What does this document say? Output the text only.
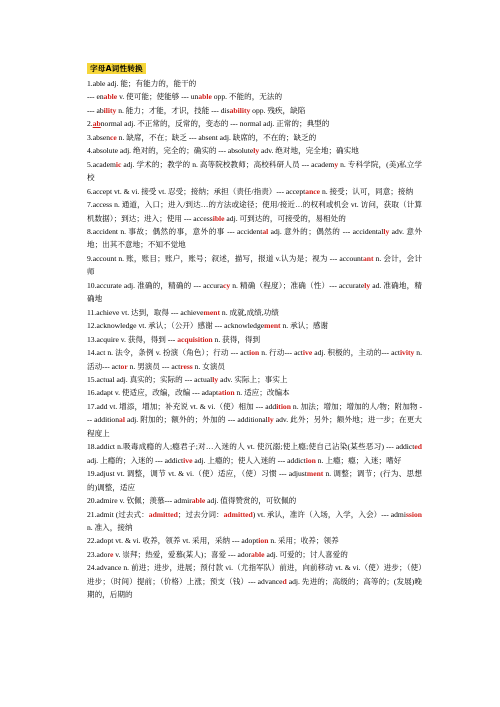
字母A词性转换

1.able adj. 能；有能力的，能干的

--- enable v. 使可能；使能够 --- unable opp. 不能的，无法的

--- ability n. 能力；才能，才识，技能 --- disability opp. 残疾，缺陷

2.abnormal adj. 不正常的，反常的，变态的 --- normal adj. 正常的；典型的

3.absence n. 缺席，不在；缺乏 --- absent adj. 缺席的，不在的；缺乏的

4.absolute adj. 绝对的，完全的；确实的 --- absolutely adv. 绝对地，完全地；确实地

5.academic adj. 学术的；教学的 n. 高等院校教师；高校科研人员 --- academy n. 专科学院，(美)私立学校

6.accept vt. & vi. 接受 vt. 忍受；接纳；承担（责任/指责）--- acceptance n. 接受；认可，同意；接纳

7.access n. 通道，入口；进入/到达…的方法或途径；使用/接近…的权利或机会 vt. 访问，获取（计算机数据）；到达；进入；使用 --- accessible adj. 可到达的，可接受的，易相处的

8.accident n. 事故；偶然的事，意外的事 --- accidental adj. 意外的；偶然的 --- accidentally adv. 意外地；出其不意地；不知不觉地

9.account n. 账，账目；账户，账号；叙述，描写，报道 v.认为是；视为 --- accountant n. 会计，会计师

10.accurate adj. 准确的，精确的 --- accuracy n. 精确（程度）；准确（性）--- accurately ad. 准确地，精确地

11.achieve vt. 达到，取得 --- achievement n. 成就,成绩,功绩

12.acknowledge vt. 承认；（公开）感谢 --- acknowledgement n. 承认；感谢

13.acquire v. 获得，得到 --- acquisition n. 获得，得到

14.act n. 法令，条例 v. 扮演（角色）；行动 --- action n. 行动--- active adj. 积极的，主动的--- activity n. 活动--- actor n. 男演员 --- actress n. 女演员

15.actual adj. 真实的；实际的 --- actually adv. 实际上；事实上

16.adapt v. 使适应，改编，改编 --- adaptation n. 适应；改编本

17.add vt. 增添，增加；补充说 vt. & vi.（使）相加 --- addition n. 加法；增加；增加的人/物；附加物 --- additional adj. 附加的；额外的；外加的 --- additionally adv. 此外；另外；额外地；进一步；在更大程度上

18.addict n.吸毒成瘾的人;瘾君子;对…入迷的人 vt. 使沉溺;使上瘾;使自己沾染(某些恶习) --- addicted adj. 上瘾的；入迷的 --- addictive adj. 上瘾的；使人入迷的 --- addiction n. 上瘾；瘾；入迷；嗜好

19.adjust vt. 调整，调节 vt. & vi.（使）适应，（使）习惯 --- adjustment n. 调整；调节；(行为、思想的)调整，适应

20.admire v. 钦佩；羡慕--- admirable adj. 值得赞赏的，可钦佩的

21.admit (过去式：admitted；过去分词：admitted) vt. 承认，准许（入场，入学，入会）--- admission n. 准入，接纳

22.adopt vt. & vi. 收养，领养 vt. 采用，采纳 --- adoption n. 采用；收养；领养

23.adore v. 崇拜；热爱，爱慕(某人)；喜爱 --- adorable adj. 可爱的；讨人喜爱的

24.advance n. 前进；进步，进展；预付款 vi.（尤指军队）前进，向前移动 vt. & vi.（使）进步；（使）进步；（时间）提前；（价格）上涨；预支（钱）--- advanced adj. 先进的；高级的；高等的；(发展)晚期的，后期的
